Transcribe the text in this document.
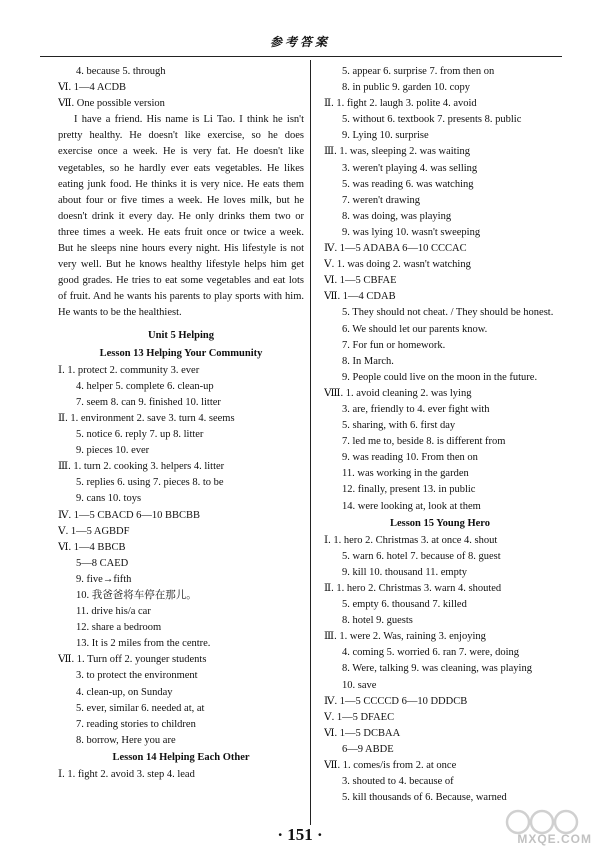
参考答案
4. because 5. through
Ⅵ. 1—4 ACDB
Ⅶ. One possible version

I have a friend. His name is Li Tao. I think he isn't pretty healthy. He doesn't like exercise, so he does exercise once a week. He is very fat. He doesn't like vegetables, so he hardly ever eats vegetables. He likes eating junk food. He thinks it is very nice. He eats them about four or five times a week. He loves milk, but he doesn't drink it every day. He only drinks them two or three times a week. He eats fruit once or twice a week. But he sleeps nine hours every night. His lifestyle is not very well. But he knows healthy lifestyle helps him get good grades. He tries to eat some vegetables and eat lots of fruit. And he wants his parents to play sports with him. He wants to be the healthiest.

Unit 5 Helping
Lesson 13 Helping Your Community
Ⅰ. 1. protect 2. community 3. ever
4. helper 5. complete 6. clean-up
7. seem 8. can 9. finished 10. litter
Ⅱ. 1. environment 2. save 3. turn 4. seems
5. notice 6. reply 7. up 8. litter
9. pieces 10. ever
Ⅲ. 1. turn 2. cooking 3. helpers 4. litter
5. replies 6. using 7. pieces 8. to be
9. cans 10. toys
Ⅳ. 1—5 CBACD 6—10 BBCBB
Ⅴ. 1—5 AGBDF
Ⅵ. 1—4 BBCB
5—8 CAED
9. five→fifth
10. 我爸爸将车停在那儿。
11. drive his/a car
12. share a bedroom
13. It is 2 miles from the centre.
Ⅶ. 1. Turn off 2. younger students
3. to protect the environment
4. clean-up, on Sunday
5. ever, similar 6. needed at, at
7. reading stories to children
8. borrow, Here you are
Lesson 14 Helping Each Other
Ⅰ. 1. fight 2. avoid 3. step 4. lead
5. appear 6. surprise 7. from then on
8. in public 9. garden 10. copy
Ⅱ. 1. fight 2. laugh 3. polite 4. avoid
5. without 6. textbook 7. presents 8. public
9. Lying 10. surprise
Ⅲ. 1. was, sleeping 2. was waiting
3. weren't playing 4. was selling
5. was reading 6. was watching
7. weren't drawing
8. was doing, was playing
9. was lying 10. wasn't sweeping
Ⅳ. 1—5 ADABA 6—10 CCCAC
Ⅴ. 1. was doing 2. wasn't watching
Ⅵ. 1—5 CBFAE
Ⅶ. 1—4 CDAB
5. They should not cheat. / They should be honest.
6. We should let our parents know.
7. For fun or homework.
8. In March.
9. People could live on the moon in the future.
Ⅷ. 1. avoid cleaning 2. was lying
3. are, friendly to 4. ever fight with
5. sharing, with 6. first day
7. led me to, beside 8. is different from
9. was reading 10. From then on
11. was working in the garden
12. finally, present 13. in public
14. were looking at, look at them
Lesson 15 Young Hero
Ⅰ. 1. hero 2. Christmas 3. at once 4. shout
5. warn 6. hotel 7. because of 8. guest
9. kill 10. thousand 11. empty
Ⅱ. 1. hero 2. Christmas 3. warn 4. shouted
5. empty 6. thousand 7. killed
8. hotel 9. guests
Ⅲ. 1. were 2. Was, raining 3. enjoying
4. coming 5. worried 6. ran 7. were, doing
8. Were, talking 9. was cleaning, was playing
10. save
Ⅳ. 1—5 CCCCD 6—10 DDDCB
Ⅴ. 1—5 DFAEC
Ⅵ. 1—5 DCBAA
6—9 ABDE
Ⅶ. 1. comes/is from 2. at once
3. shouted to 4. because of
5. kill thousands of 6. Because, warned
· 151 ·	MXQE.COM
